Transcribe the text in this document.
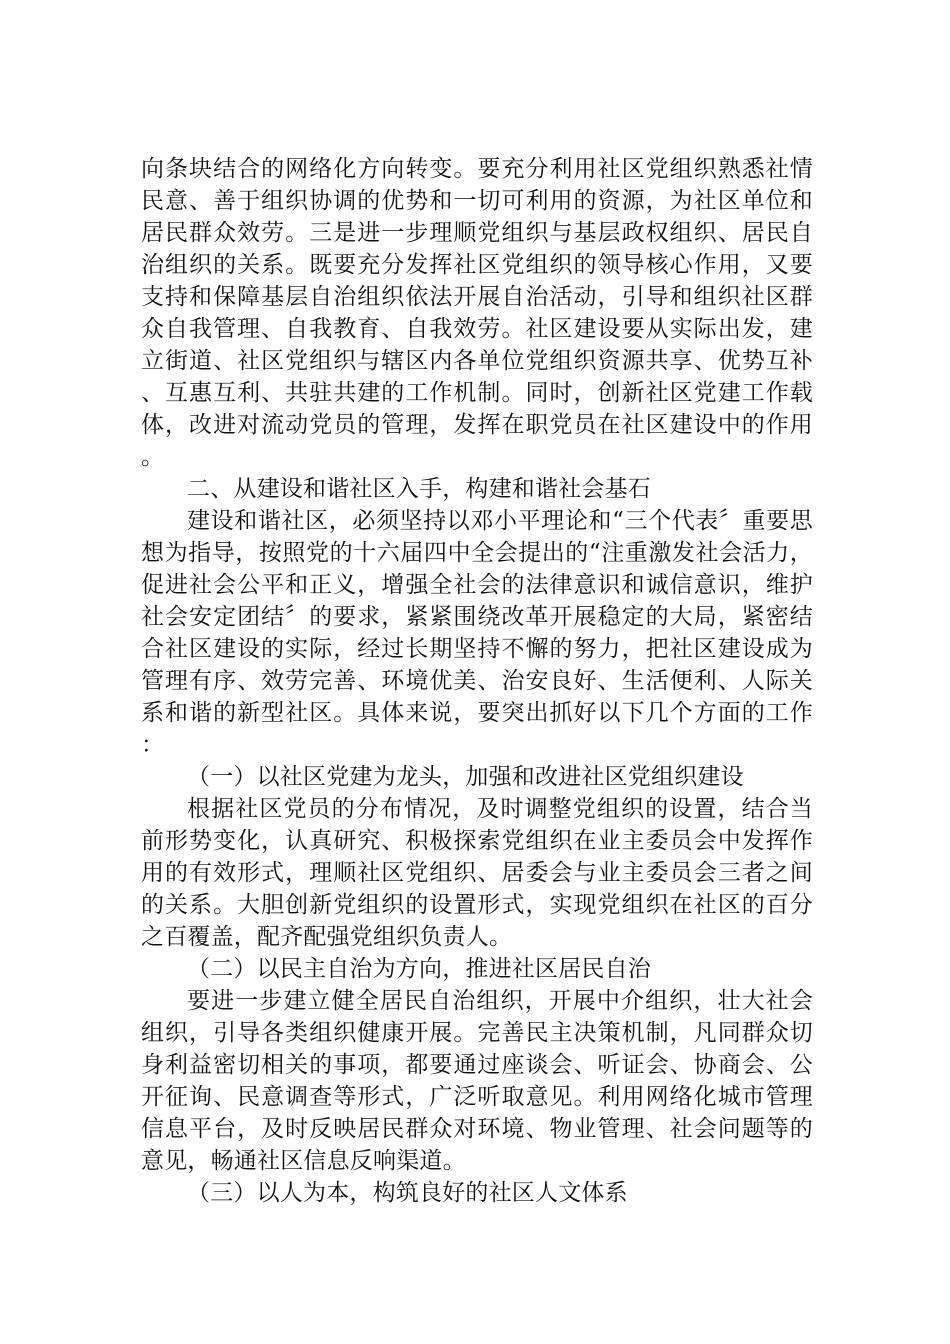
向条块结合的网络化方向转变。要充分利用社区党组织熟悉社情民意、善于组织协调的优势和一切可利用的资源，为社区单位和居民群众效劳。三是进一步理顺党组织与基层政权组织、居民自治组织的关系。既要充分发挥社区党组织的领导核心作用，又要支持和保障基层自治组织依法开展自治活动，引导和组织社区群众自我管理、自我教育、自我效劳。社区建设要从实际出发，建立街道、社区党组织与辖区内各单位党组织资源共享、优势互补、互惠互利、共驻共建的工作机制。同时，创新社区党建工作载体，改进对流动党员的管理，发挥在职党员在社区建设中的作用。

二、从建设和谐社区入手，构建和谐社会基石

建设和谐社区，必须坚持以邓小平理论和“三个代表〞重要思想为指导，按照党的十六届四中全会提出的“注重激发社会活力，促进社会公平和正义，增强全社会的法律意识和诚信意识，维护社会安定团结〞的要求，紧紧围绕改革开展稳定的大局，紧密结合社区建设的实际，经过长期坚持不懈的努力，把社区建设成为管理有序、效劳完善、环境优美、治安良好、生活便利、人际关系和谐的新型社区。具体来说，要突出抓好以下几个方面的工作：

（一）以社区党建为龙头，加强和改进社区党组织建设

根据社区党员的分布情况，及时调整党组织的设置，结合当前形势变化，认真研究、积极探索党组织在业主委员会中发挥作用的有效形式，理顺社区党组织、居委会与业主委员会三者之间的关系。大胆创新党组织的设置形式，实现党组织在社区的百分之百覆盖，配齐配强党组织负责人。

（二）以民主自治为方向，推进社区居民自治

要进一步建立健全居民自治组织，开展中介组织，壮大社会组织，引导各类组织健康开展。完善民主决策机制，凡同群众切身利益密切相关的事项，都要通过座谈会、听证会、协商会、公开征询、民意调查等形式，广泛听取意见。利用网络化城市管理信息平台，及时反映居民群众对环境、物业管理、社会问题等的意见，畅通社区信息反响渠道。

（三）以人为本，构筑良好的社区人文体系
